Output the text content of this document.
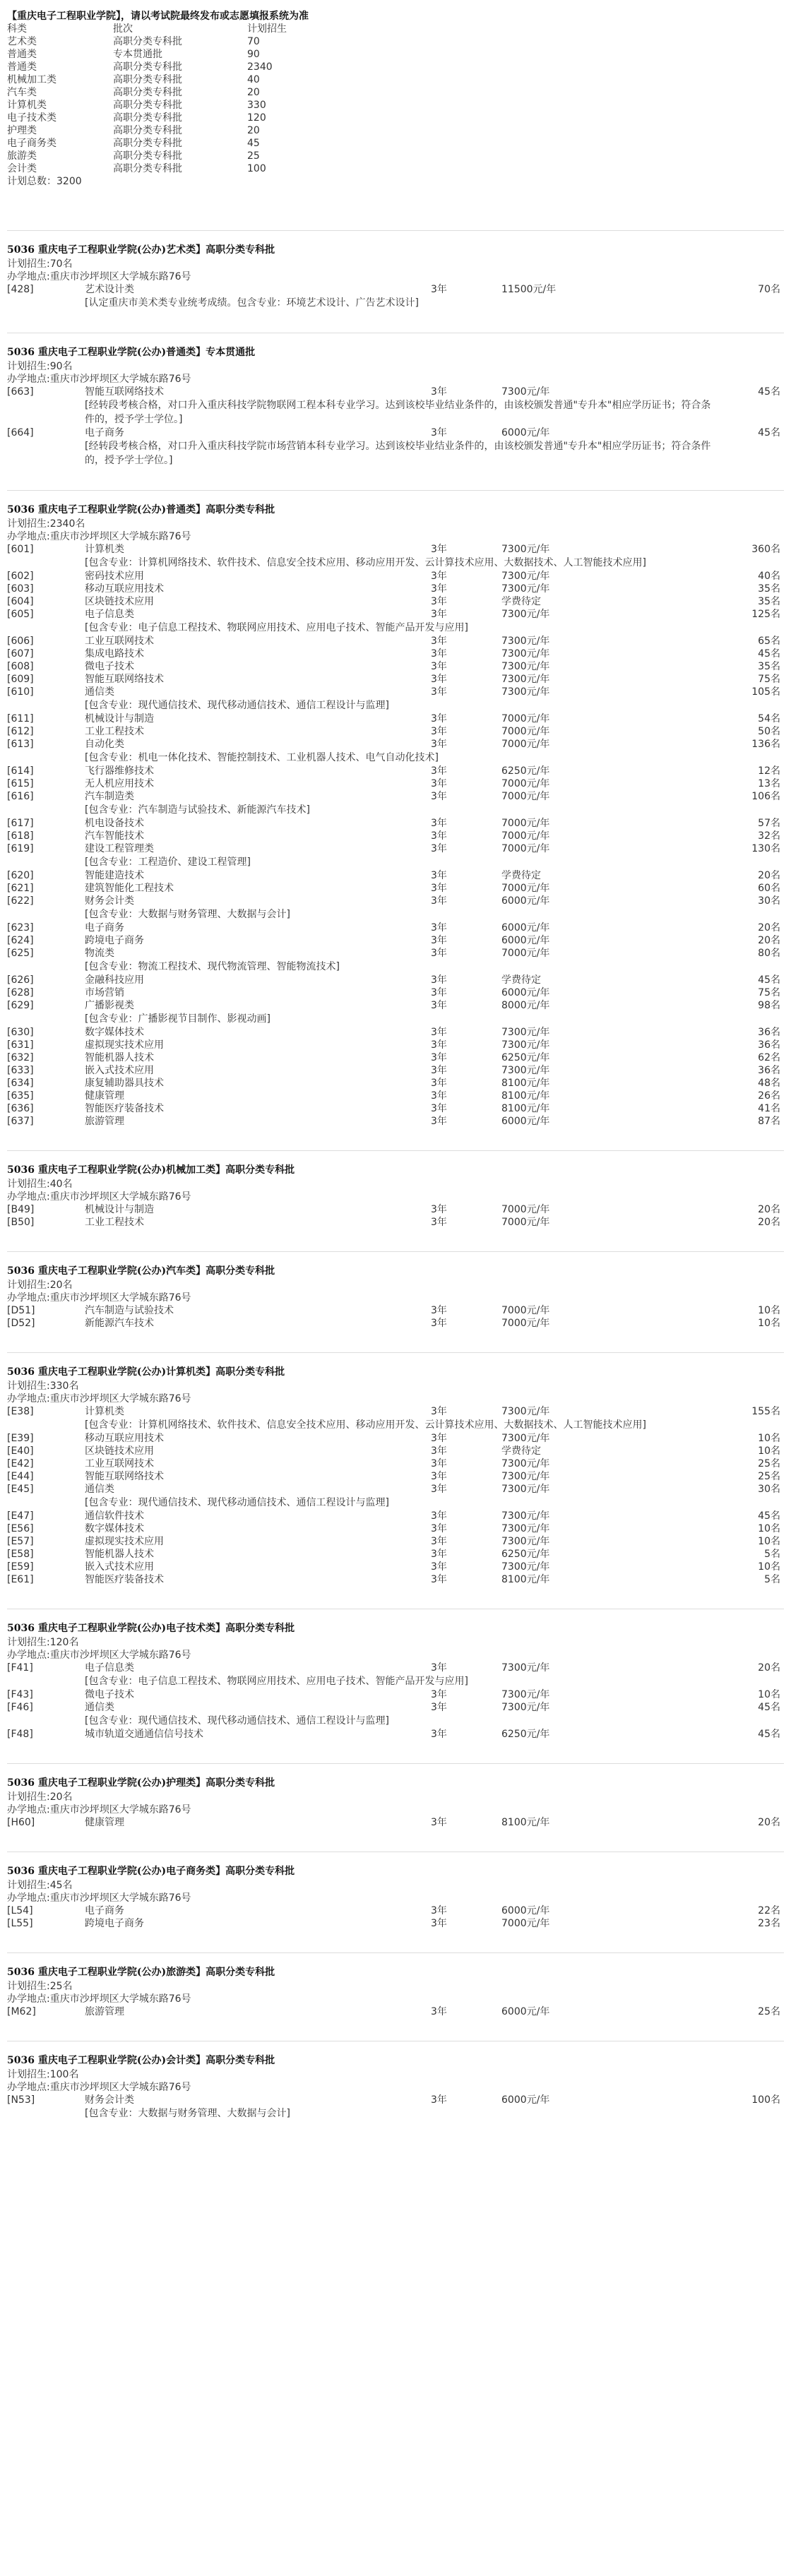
【重庆电子工程职业学院】，请以考试院最终发布或志愿填报系统为准
科类	批次	计划招生
艺术类	高职分类专科批	70
普通类	专本贯通批	90
普通类	高职分类专科批	2340
机械加工类	高职分类专科批	40
汽车类	高职分类专科批	20
计算机类	高职分类专科批	330
电子技术类	高职分类专科批	120
护理类	高职分类专科批	20
电子商务类	高职分类专科批	45
旅游类	高职分类专科批	25
会计类	高职分类专科批	100
计划总数：3200
5036 重庆电子工程职业学院(公办)艺术类】高职分类专科批
计划招生:70名
办学地点:重庆市沙坪坝区大学城东路76号
[428]	艺术设计类	3年	11500元/年	70名
[认定重庆市美术类专业统考成绩。包含专业：环境艺术设计、广告艺术设计]
5036 重庆电子工程职业学院(公办)普通类】专本贯通批
计划招生:90名
办学地点:重庆市沙坪坝区大学城东路76号
[663]	智能互联网络技术	3年	7300元/年	45名
[经转段考核合格，对口升入重庆科技学院物联网工程本科专业学习。达到该校毕业结业条件的，由该校颁发普通"专升本"相应学历证书；符合条件的，授予学士学位。]
[664]	电子商务	3年	6000元/年	45名
[经转段考核合格，对口升入重庆科技学院市场营销本科专业学习。达到该校毕业结业条件的，由该校颁发普通"专升本"相应学历证书；符合条件的，授予学士学位。]
5036 重庆电子工程职业学院(公办)普通类】高职分类专科批
计划招生:2340名
办学地点:重庆市沙坪坝区大学城东路76号
[601]	计算机类	3年	7300元/年	360名
[包含专业：计算机网络技术、软件技术、信息安全技术应用、移动应用开发、云计算技术应用、大数据技术、人工智能技术应用]
[602]	密码技术应用	3年	7300元/年	40名
[603]	移动互联应用技术	3年	7300元/年	35名
[604]	区块链技术应用	3年	学费待定	35名
[605]	电子信息类	3年	7300元/年	125名
[包含专业：电子信息工程技术、物联网应用技术、应用电子技术、智能产品开发与应用]
[606]	工业互联网技术	3年	7300元/年	65名
[607]	集成电路技术	3年	7300元/年	45名
[608]	微电子技术	3年	7300元/年	35名
[609]	智能互联网络技术	3年	7300元/年	75名
[610]	通信类	3年	7300元/年	105名
[包含专业：现代通信技术、现代移动通信技术、通信工程设计与监理]
[611]	机械设计与制造	3年	7000元/年	54名
[612]	工业工程技术	3年	7000元/年	50名
[613]	自动化类	3年	7000元/年	136名
[包含专业：机电一体化技术、智能控制技术、工业机器人技术、电气自动化技术]
[614]	飞行器维修技术	3年	6250元/年	12名
[615]	无人机应用技术	3年	7000元/年	13名
[616]	汽车制造类	3年	7000元/年	106名
[包含专业：汽车制造与试验技术、新能源汽车技术]
[617]	机电设备技术	3年	7000元/年	57名
[618]	汽车智能技术	3年	7000元/年	32名
[619]	建设工程管理类	3年	7000元/年	130名
[包含专业：工程造价、建设工程管理]
[620]	智能建造技术	3年	学费待定	20名
[621]	建筑智能化工程技术	3年	7000元/年	60名
[622]	财务会计类	3年	6000元/年	30名
[包含专业：大数据与财务管理、大数据与会计]
[623]	电子商务	3年	6000元/年	20名
[624]	跨境电子商务	3年	6000元/年	20名
[625]	物流类	3年	7000元/年	80名
[包含专业：物流工程技术、现代物流管理、智能物流技术]
[626]	金融科技应用	3年	学费待定	45名
[628]	市场营销	3年	6000元/年	75名
[629]	广播影视类	3年	8000元/年	98名
[包含专业：广播影视节目制作、影视动画]
[630]	数字媒体技术	3年	7300元/年	36名
[631]	虚拟现实技术应用	3年	7300元/年	36名
[632]	智能机器人技术	3年	6250元/年	62名
[633]	嵌入式技术应用	3年	7300元/年	36名
[634]	康复辅助器具技术	3年	8100元/年	48名
[635]	健康管理	3年	8100元/年	26名
[636]	智能医疗装备技术	3年	8100元/年	41名
[637]	旅游管理	3年	6000元/年	87名
5036 重庆电子工程职业学院(公办)机械加工类】高职分类专科批
计划招生:40名
办学地点:重庆市沙坪坝区大学城东路76号
[B49]	机械设计与制造	3年	7000元/年	20名
[B50]	工业工程技术	3年	7000元/年	20名
5036 重庆电子工程职业学院(公办)汽车类】高职分类专科批
计划招生:20名
办学地点:重庆市沙坪坝区大学城东路76号
[D51]	汽车制造与试验技术	3年	7000元/年	10名
[D52]	新能源汽车技术	3年	7000元/年	10名
5036 重庆电子工程职业学院(公办)计算机类】高职分类专科批
计划招生:330名
办学地点:重庆市沙坪坝区大学城东路76号
[E38]	计算机类	3年	7300元/年	155名
[包含专业：计算机网络技术、软件技术、信息安全技术应用、移动应用开发、云计算技术应用、大数据技术、人工智能技术应用]
[E39]	移动互联应用技术	3年	7300元/年	10名
[E40]	区块链技术应用	3年	学费待定	10名
[E42]	工业互联网技术	3年	7300元/年	25名
[E44]	智能互联网络技术	3年	7300元/年	25名
[E45]	通信类	3年	7300元/年	30名
[包含专业：现代通信技术、现代移动通信技术、通信工程设计与监理]
[E47]	通信软件技术	3年	7300元/年	45名
[E56]	数字媒体技术	3年	7300元/年	10名
[E57]	虚拟现实技术应用	3年	7300元/年	10名
[E58]	智能机器人技术	3年	6250元/年	5名
[E59]	嵌入式技术应用	3年	7300元/年	10名
[E61]	智能医疗装备技术	3年	8100元/年	5名
5036 重庆电子工程职业学院(公办)电子技术类】高职分类专科批
计划招生:120名
办学地点:重庆市沙坪坝区大学城东路76号
[F41]	电子信息类	3年	7300元/年	20名
[包含专业：电子信息工程技术、物联网应用技术、应用电子技术、智能产品开发与应用]
[F43]	微电子技术	3年	7300元/年	10名
[F46]	通信类	3年	7300元/年	45名
[包含专业：现代通信技术、现代移动通信技术、通信工程设计与监理]
[F48]	城市轨道交通通信信号技术	3年	6250元/年	45名
5036 重庆电子工程职业学院(公办)护理类】高职分类专科批
计划招生:20名
办学地点:重庆市沙坪坝区大学城东路76号
[H60]	健康管理	3年	8100元/年	20名
5036 重庆电子工程职业学院(公办)电子商务类】高职分类专科批
计划招生:45名
办学地点:重庆市沙坪坝区大学城东路76号
[L54]	电子商务	3年	6000元/年	22名
[L55]	跨境电子商务	3年	7000元/年	23名
5036 重庆电子工程职业学院(公办)旅游类】高职分类专科批
计划招生:25名
办学地点:重庆市沙坪坝区大学城东路76号
[M62]	旅游管理	3年	6000元/年	25名
5036 重庆电子工程职业学院(公办)会计类】高职分类专科批
计划招生:100名
办学地点:重庆市沙坪坝区大学城东路76号
[N53]	财务会计类	3年	6000元/年	100名
[包含专业：大数据与财务管理、大数据与会计]
